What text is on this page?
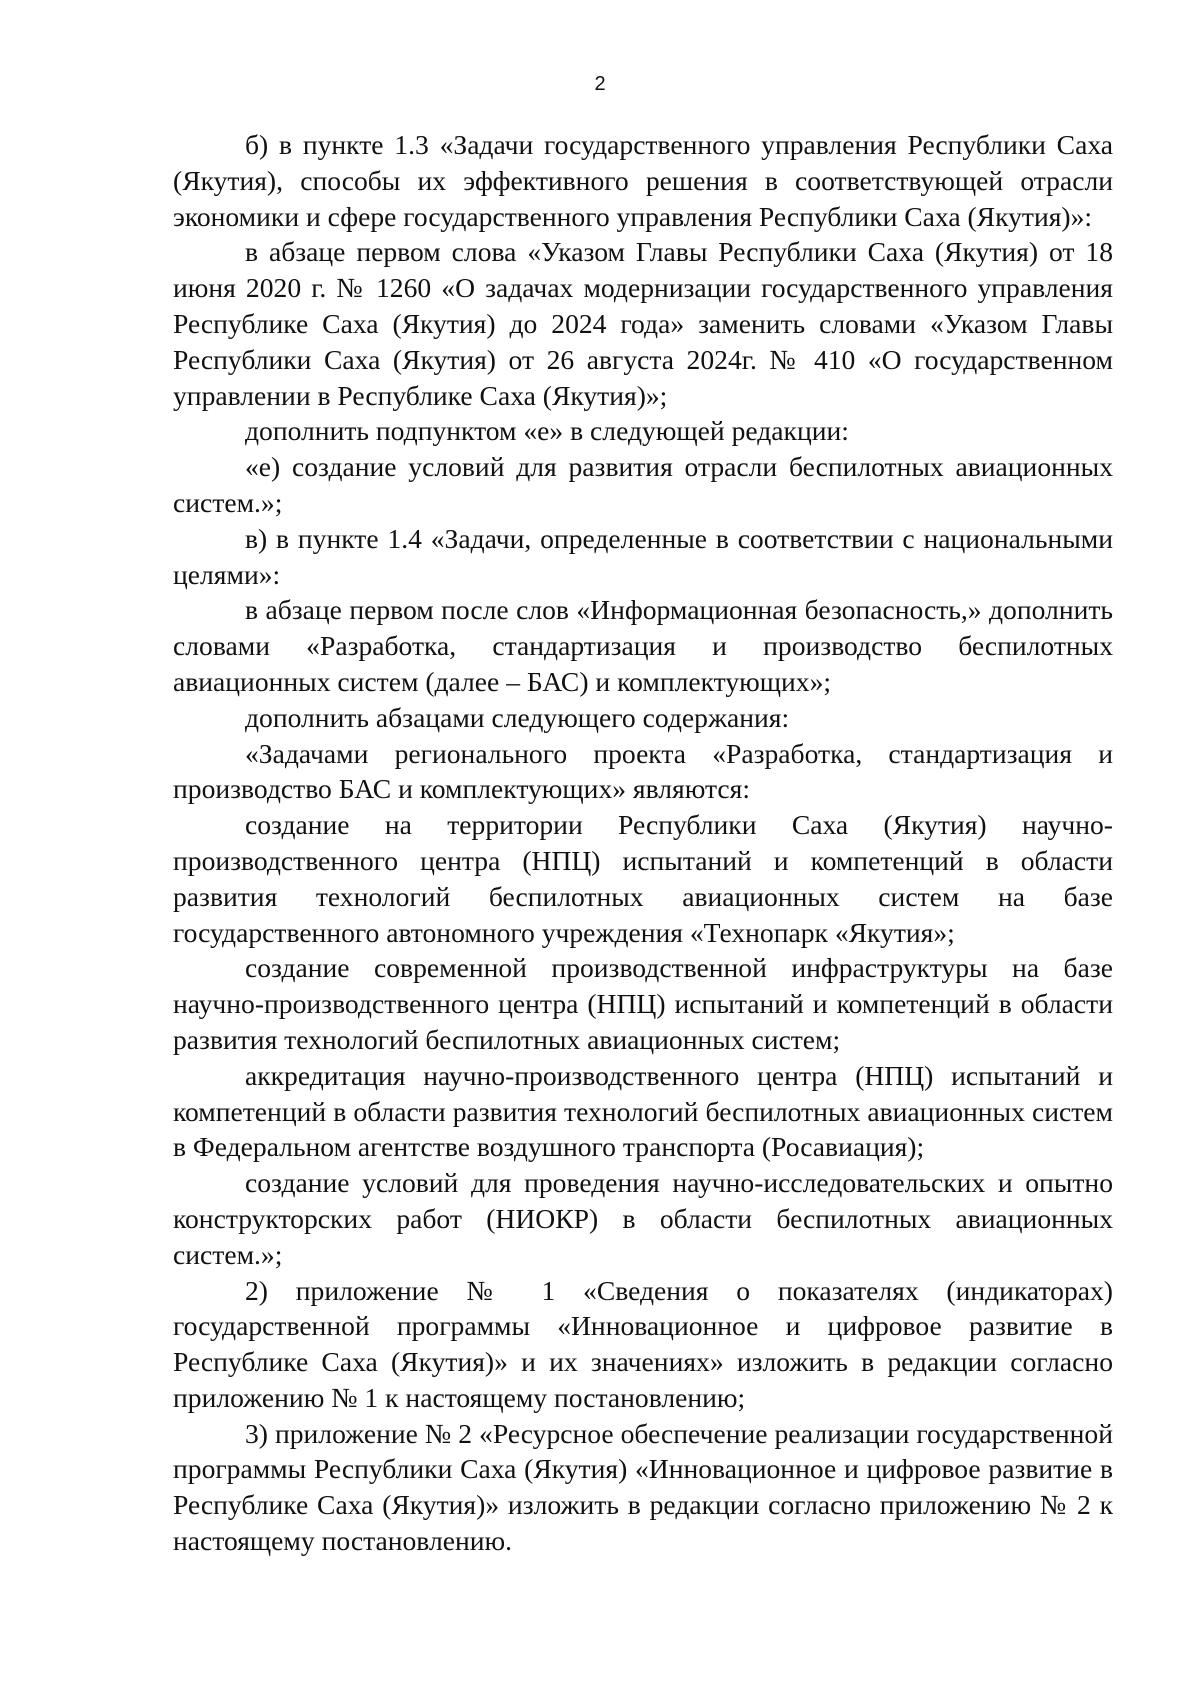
2

б) в пункте 1.3 «Задачи государственного управления Республики Саха (Якутия), способы их эффективного решения в соответствующей отрасли экономики и сфере государственного управления Республики Саха (Якутия)»:

в абзаце первом слова «Указом Главы Республики Саха (Якутия) от 18 июня 2020 г. № 1260 «О задачах модернизации государственного управления Республике Саха (Якутия) до 2024 года» заменить словами «Указом Главы Республики Саха (Якутия) от 26 августа 2024г. № 410 «О государственном управлении в Республике Саха (Якутия)»;

дополнить подпунктом «е» в следующей редакции:

«е) создание условий для развития отрасли беспилотных авиационных систем.»;

в) в пункте 1.4 «Задачи, определенные в соответствии с национальными целями»:

в абзаце первом после слов «Информационная безопасность,» дополнить словами «Разработка, стандартизация и производство беспилотных авиационных систем (далее – БАС) и комплектующих»;

дополнить абзацами следующего содержания:

«Задачами регионального проекта «Разработка, стандартизация и производство БАС и комплектующих» являются:

создание на территории Республики Саха (Якутия) научно-производственного центра (НПЦ) испытаний и компетенций в области развития технологий беспилотных авиационных систем на базе государственного автономного учреждения «Технопарк «Якутия»;

создание современной производственной инфраструктуры на базе научно-производственного центра (НПЦ) испытаний и компетенций в области развития технологий беспилотных авиационных систем;

аккредитация научно-производственного центра (НПЦ) испытаний и компетенций в области развития технологий беспилотных авиационных систем в Федеральном агентстве воздушного транспорта (Росавиация);

создание условий для проведения научно-исследовательских и опытно конструкторских работ (НИОКР) в области беспилотных авиационных систем.»;

2) приложение № 1 «Сведения о показателях (индикаторах) государственной программы «Инновационное и цифровое развитие в Республике Саха (Якутия)» и их значениях» изложить в редакции согласно приложению № 1 к настоящему постановлению;

3) приложение № 2 «Ресурсное обеспечение реализации государственной программы Республики Саха (Якутия) «Инновационное и цифровое развитие в Республике Саха (Якутия)» изложить в редакции согласно приложению № 2 к настоящему постановлению.
